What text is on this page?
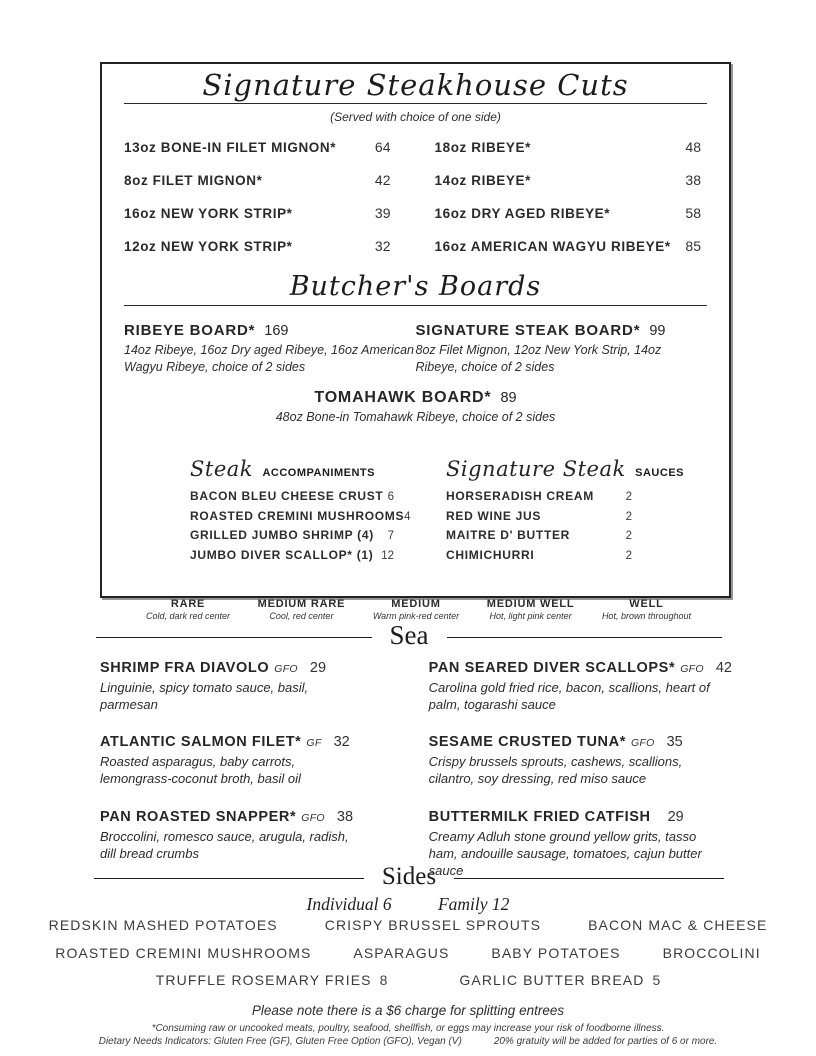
Signature Steakhouse Cuts
(Served with choice of one side)
13oz BONE-IN FILET MIGNON*	64
8oz FILET MIGNON*	42
16oz NEW YORK STRIP*	39
12oz NEW YORK STRIP*	32
18oz RIBEYE*	48
14oz RIBEYE*	38
16oz DRY AGED RIBEYE*	58
16oz AMERICAN WAGYU RIBEYE*	85
Butcher's Boards
RIBEYE BOARD* 169
14oz Ribeye, 16oz Dry aged Ribeye, 16oz American Wagyu Ribeye, choice of 2 sides
SIGNATURE STEAK BOARD* 99
8oz Filet Mignon, 12oz New York Strip, 14oz Ribeye, choice of 2 sides
TOMAHAWK BOARD* 89
48oz Bone-in Tomahawk Ribeye, choice of 2 sides
Steak accompaniments
BACON BLEU CHEESE CRUST 6
ROASTED CREMINI MUSHROOMS 4
GRILLED JUMBO SHRIMP (4) 7
JUMBO DIVER SCALLOP* (1) 12
Signature Steak sauces
HORSERADISH CREAM	2
RED WINE JUS	2
MAITRE D' BUTTER	2
CHIMICHURRI	2
RARE
Cold, dark red center
MEDIUM RARE
Cool, red center
MEDIUM
Warm pink-red center
MEDIUM WELL
Hot, light pink center
WELL
Hot, brown throughout
Sea
SHRIMP FRA DIAVOLO GFO 29
Linguinie, spicy tomato sauce, basil, parmesan
ATLANTIC SALMON FILET* GF 32
Roasted asparagus, baby carrots, lemongrass-coconut broth, basil oil
PAN ROASTED SNAPPER* GFO 38
Broccolini, romesco sauce, arugula, radish, dill bread crumbs
PAN SEARED DIVER SCALLOPS* GFO 42
Carolina gold fried rice, bacon, scallions, heart of palm, togarashi sauce
SESAME CRUSTED TUNA* GFO 35
Crispy brussels sprouts, cashews, scallions, cilantro, soy dressing, red miso sauce
BUTTERMILK FRIED CATFISH 29
Creamy Adluh stone ground yellow grits, tasso ham, andouille sausage, tomatoes, cajun butter sauce
Sides
Individual 6	Family 12
REDSKIN MASHED POTATOES	CRISPY BRUSSEL SPROUTS	BACON MAC & CHEESE
ROASTED CREMINI MUSHROOMS	ASPARAGUS	BABY POTATOES	BROCCOLINI
TRUFFLE ROSEMARY FRIES 8	GARLIC BUTTER BREAD 5
Please note there is a $6 charge for splitting entrees
*Consuming raw or uncooked meats, poultry, seafood, shellfish, or eggs may increase your risk of foodborne illness.
Dietary Needs Indicators: Gluten Free (GF), Gluten Free Option (GFO), Vegan (V)	20% gratuity will be added for parties of 6 or more.
